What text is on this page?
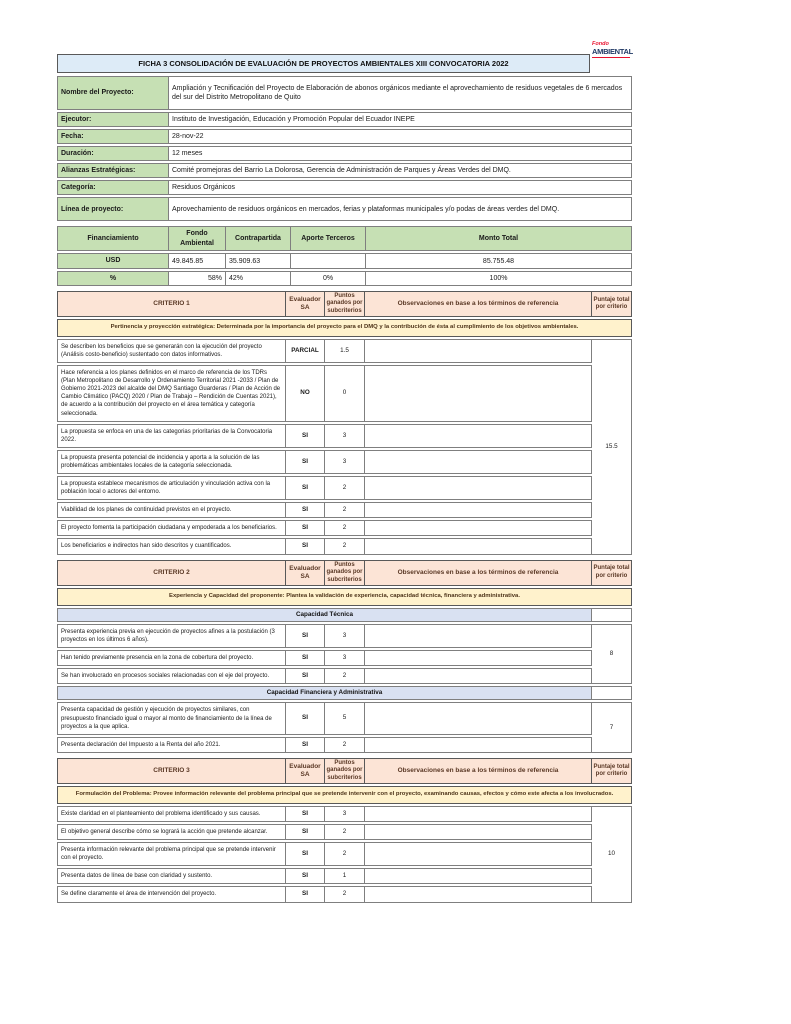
Fondo
AMBIENTAL
FICHA 3 CONSOLIDACIÓN DE EVALUACIÓN DE PROYECTOS AMBIENTALES XIII CONVOCATORIA 2022
Nombre del Proyecto:	Ampliación y Tecnificación del Proyecto de Elaboración de abonos orgánicos mediante el aprovechamiento de residuos vegetales de 6 mercados del sur del Distrito Metropolitano de Quito
Ejecutor:	Instituto de Investigación, Educación y Promoción Popular del Ecuador INEPE
Fecha:	28-nov-22
Duración:	12 meses
Alianzas Estratégicas:	Comité promejoras del Barrio La Dolorosa, Gerencia de Administración de Parques y Áreas Verdes del DMQ.
Categoría:	Residuos Orgánicos
Línea de proyecto:	Aprovechamiento de residuos orgánicos en mercados, ferias y plataformas municipales y/o podas de áreas verdes del DMQ.
Financiamiento	Fondo Ambiental	Contrapartida	Aporte Terceros	Monto Total
USD	49.845.85	35.909.63		85.755.48
%	58%	42%	0%	100%
CRITERIO 1	Evaluador SA	Puntos ganados por subcriterios	Observaciones en base a los términos de referencia	Puntaje total por criterio
Pertinencia y proyección estratégica: Determinada por la importancia del proyecto para el DMQ y la contribución de ésta al cumplimiento de los objetivos ambientales.				
Se describen los beneficios que se generarán con la ejecución del proyecto (Análisis costo-beneficio) sustentado con datos informativos.	PARCIAL	1.5		15.5
Hace referencia a los planes definidos en el marco de referencia de los TDRs (Plan Metropolitano de Desarrollo y Ordenamiento Territorial 2021 -2033 / Plan de Gobierno 2021-2023 del alcalde del DMQ Santiago Guarderas / Plan de Acción de Cambio Climático (PACQ) 2020 / Plan de Trabajo – Rendición de Cuentas 2021), de acuerdo a la contribución del proyecto en el área temática y categoría seleccionada.	NO	0		
La propuesta se enfoca en una de las categorias prioritarias de la Convocatoria 2022.	SI	3		
La propuesta presenta potencial de incidencia y aporta a la solución de las problemáticas ambientales locales de la categoría seleccionada.	SI	3		
La propuesta establece mecanismos de articulación y vinculación activa con la población local o actores del entorno.	SI	2		
Viabilidad de los planes de continuidad previstos en el proyecto.	SI	2		
El proyecto fomenta la participación ciudadana y empoderada a los beneficiarios.	SI	2		
Los beneficiarios e indirectos han sido descritos y cuantificados.	SI	2		
CRITERIO 2	Evaluador SA	Puntos ganados por subcriterios	Observaciones en base a los términos de referencia	Puntaje total por criterio
Experiencia y Capacidad del proponente: Plantea la validación de experiencia, capacidad técnica, financiera y administrativa.				
Capacidad Técnica				
Presenta experiencia previa en ejecución de proyectos afines a la postulación (3 proyectos en los últimos 6 años).	SI	3		8
Han tenido previamente presencia en la zona de cobertura del proyecto.	SI	3		
Se han involucrado en procesos sociales relacionadas con el eje del proyecto.	SI	2		
Capacidad Financiera y Administrativa				
Presenta capacidad de gestión y ejecución de proyectos similares, con presupuesto financiado igual o mayor al monto de financiamiento de la línea de proyectos a la que aplica.	SI	5		7
Presenta declaración del Impuesto a la Renta del año 2021.	SI	2		
CRITERIO 3	Evaluador SA	Puntos ganados por subcriterios	Observaciones en base a los términos de referencia	Puntaje total por criterio
Formulación del Problema: Provee información relevante del problema principal que se pretende intervenir con el proyecto, examinando causas, efectos y cómo este afecta a los involucrados.				
Existe claridad en el planteamiento del problema identificado y sus causas.	SI	3		10
El objetivo general describe cómo se logrará la acción que pretende alcanzar.	SI	2		
Presenta información relevante del problema principal que se pretende intervenir con el proyecto.	SI	2		
Presenta datos de línea de base con claridad y sustento.	SI	1		
Se define claramente el área de intervención del proyecto.	SI	2		
